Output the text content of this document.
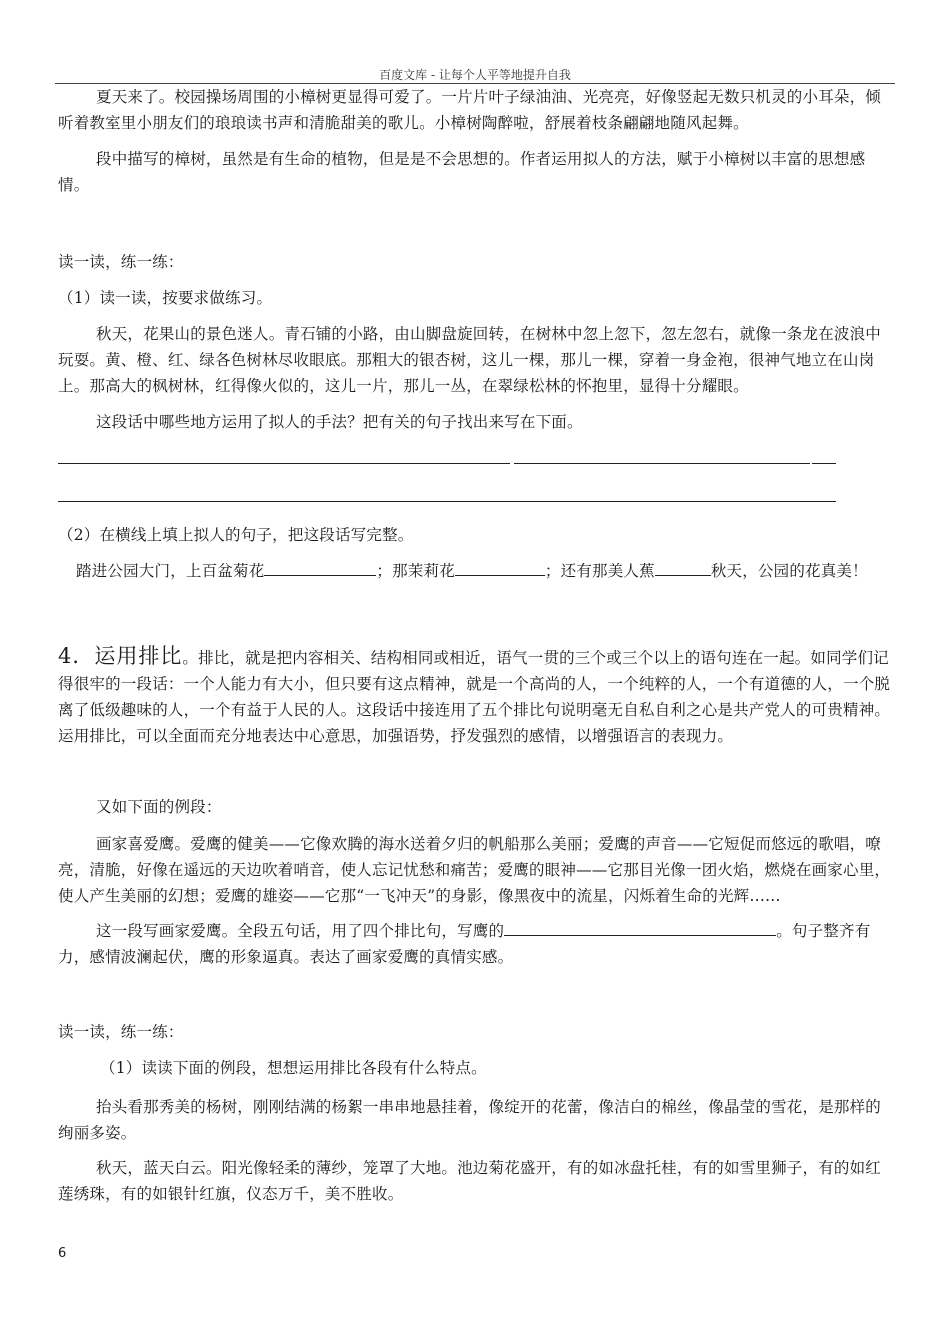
百度文库 - 让每个人平等地提升自我

夏天来了。校园操场周围的小樟树更显得可爱了。一片片叶子绿油油、光亮亮，好像竖起无数只机灵的小耳朵，倾听着教室里小朋友们的琅琅读书声和清脆甜美的歌儿。小樟树陶醉啦，舒展着枝条翩翩地随风起舞。

段中描写的樟树，虽然是有生命的植物，但是是不会思想的。作者运用拟人的方法，赋于小樟树以丰富的思想感情。

读一读，练一练：

（1）读一读，按要求做练习。

秋天，花果山的景色迷人。青石铺的小路，由山脚盘旋回转，在树林中忽上忽下，忽左忽右，就像一条龙在波浪中玩耍。黄、橙、红、绿各色树林尽收眼底。那粗大的银杏树，这儿一棵，那儿一棵，穿着一身金袍，很神气地立在山岗上。那高大的枫树林，红得像火似的，这儿一片，那儿一丛，在翠绿松林的怀抱里，显得十分耀眼。

这段话中哪些地方运用了拟人的手法？把有关的句子找出来写在下面。

（2）在横线上填上拟人的句子，把这段话写完整。

踏进公园大门，上百盆菊花	；那茉莉花	；还有那美人蕉	秋天，公园的花真美！

4．运用排比。排比，就是把内容相关、结构相同或相近，语气一贯的三个或三个以上的语句连在一起。如同学们记得很牢的一段话：一个人能力有大小，但只要有这点精神，就是一个高尚的人，一个纯粹的人，一个有道德的人，一个脱离了低级趣味的人，一个有益于人民的人。这段话中接连用了五个排比句说明毫无自私自利之心是共产党人的可贵精神。运用排比，可以全面而充分地表达中心意思，加强语势，抒发强烈的感情，以增强语言的表现力。

又如下面的例段：

画家喜爱鹰。爱鹰的健美——它像欢腾的海水送着夕归的帆船那么美丽；爱鹰的声音——它短促而悠远的歌唱，嘹亮，清脆，好像在遥远的天边吹着哨音，使人忘记忧愁和痛苦；爱鹰的眼神——它那目光像一团火焰，燃烧在画家心里，使人产生美丽的幻想；爱鹰的雄姿——它那“一飞冲天”的身影，像黑夜中的流星，闪烁着生命的光辉……

这一段写画家爱鹰。全段五句话，用了四个排比句，写鹰的	。句子整齐有力，感情波澜起伏，鹰的形象逼真。表达了画家爱鹰的真情实感。

读一读，练一练：

（1）读读下面的例段，想想运用排比各段有什么特点。

抬头看那秀美的杨树，刚刚结满的杨絮一串串地悬挂着，像绽开的花蕾，像洁白的棉丝，像晶莹的雪花，是那样的绚丽多姿。

秋天，蓝天白云。阳光像轻柔的薄纱，笼罩了大地。池边菊花盛开，有的如冰盘托桂，有的如雪里狮子，有的如红莲绣珠，有的如银针红旗，仪态万千，美不胜收。

6
